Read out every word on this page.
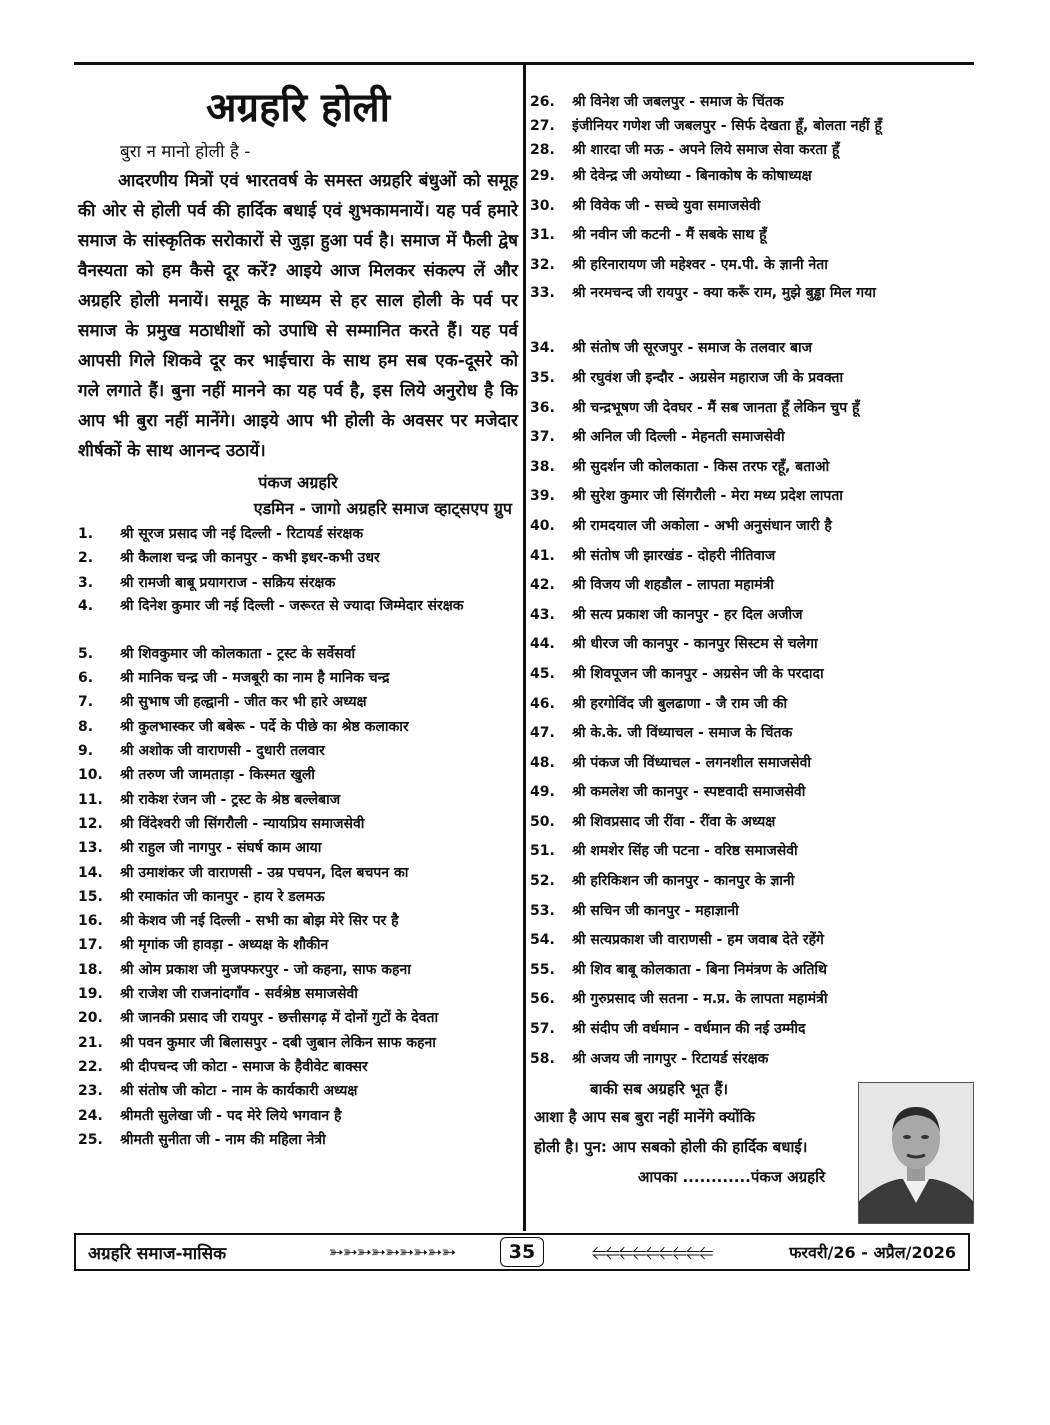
अग्रहरि होली
बुरा न मानो होली है -

आदरणीय मित्रों एवं भारतवर्ष के समस्त अग्रहरि बंधुओं को समूह की ओर से होली पर्व की हार्दिक बधाई एवं शुभकामनायें। यह पर्व हमारे समाज के सांस्कृतिक सरोकारों से जुड़ा हुआ पर्व है। समाज में फैली द्वेष वैनस्यता को हम कैसे दूर करें? आइये आज मिलकर संकल्प लें और अग्रहरि होली मनायें। समूह के माध्यम से हर साल होली के पर्व पर समाज के प्रमुख मठाधीशों को उपाधि से सम्मानित करते हैं। यह पर्व आपसी गिले शिकवे दूर कर भाईचारा के साथ हम सब एक-दूसरे को गले लगाते हैं। बुना नहीं मानने का यह पर्व है, इस लिये अनुरोध है कि आप भी बुरा नहीं मानेंगे। आइये आप भी होली के अवसर पर मजेदार शीर्षकों के साथ आनन्द उठायें।

पंकज अग्रहरि
एडमिन - जागो अग्रहरि समाज व्हाट्सएप ग्रुप
1.	श्री सूरज प्रसाद जी नई दिल्ली - रिटायर्ड संरक्षक
2.	श्री कैलाश चन्द्र जी कानपुर - कभी इधर-कभी उधर
3.	श्री रामजी बाबू प्रयागराज - सक्रिय संरक्षक
4.	श्री दिनेश कुमार जी नई दिल्ली - जरूरत से ज्यादा जिम्मेदार संरक्षक
5.	श्री शिवकुमार जी कोलकाता - ट्रस्ट के सर्वेसर्वा
6.	श्री मानिक चन्द्र जी - मजबूरी का नाम है मानिक चन्द्र
7.	श्री सुभाष जी हल्द्वानी - जीत कर भी हारे अध्यक्ष
8.	श्री कुलभास्कर जी बबेरू - पर्दे के पीछे का श्रेष्ठ कलाकार
9.	श्री अशोक जी वाराणसी - दुधारी तलवार
10.	श्री तरुण जी जामताड़ा - किस्मत खुली
11.	श्री राकेश रंजन जी - ट्रस्ट के श्रेष्ठ बल्लेबाज
12.	श्री विंदेश्वरी जी सिंगरौली - न्यायप्रिय समाजसेवी
13.	श्री राहुल जी नागपुर - संघर्ष काम आया
14.	श्री उमाशंकर जी वाराणसी - उम्र पचपन, दिल बचपन का
15.	श्री रमाकांत जी कानपुर - हाय रे डलमऊ
16.	श्री केशव जी नई दिल्ली - सभी का बोझ मेरे सिर पर है
17.	श्री मृगांक जी हावड़ा - अध्यक्ष के शौकीन
18.	श्री ओम प्रकाश जी मुजफ्फरपुर - जो कहना, साफ कहना
19.	श्री राजेश जी राजनांदगाँव - सर्वश्रेष्ठ समाजसेवी
20.	श्री जानकी प्रसाद जी रायपुर - छत्तीसगढ़ में दोनों गुटों के देवता
21.	श्री पवन कुमार जी बिलासपुर - दबी जुबान लेकिन साफ कहना
22.	श्री दीपचन्द जी कोटा - समाज के हैवीवेट बाक्सर
23.	श्री संतोष जी कोटा - नाम के कार्यकारी अध्यक्ष
24.	श्रीमती सुलेखा जी - पद मेरे लिये भगवान है
25.	श्रीमती सुनीता जी - नाम की महिला नेत्री
26.	श्री विनेश जी जबलपुर - समाज के चिंतक
27.	इंजीनियर गणेश जी जबलपुर - सिर्फ देखता हूँ, बोलता नहीं हूँ
28.	श्री शारदा जी मऊ - अपने लिये समाज सेवा करता हूँ
29.	श्री देवेन्द्र जी अयोध्या - बिनाकोष के कोषाध्यक्ष
30.	श्री विवेक जी - सच्चे युवा समाजसेवी
31.	श्री नवीन जी कटनी - मैं सबके साथ हूँ
32.	श्री हरिनारायण जी महेश्वर - एम.पी. के ज्ञानी नेता
33.	श्री नरमचन्द जी रायपुर - क्या करूँ राम, मुझे बुड्ढा मिल गया
34.	श्री संतोष जी सूरजपुर - समाज के तलवार बाज
35.	श्री रघुवंश जी इन्दौर - अग्रसेन महाराज जी के प्रवक्ता
36.	श्री चन्द्रभूषण जी देवघर - मैं सब जानता हूँ लेकिन चुप हूँ
37.	श्री अनिल जी दिल्ली - मेहनती समाजसेवी
38.	श्री सुदर्शन जी कोलकाता - किस तरफ रहूँ, बताओ
39.	श्री सुरेश कुमार जी सिंगरौली - मेरा मध्य प्रदेश लापता
40.	श्री रामदयाल जी अकोला - अभी अनुसंधान जारी है
41.	श्री संतोष जी झारखंड - दोहरी नीतिवाज
42.	श्री विजय जी शहडौल - लापता महामंत्री
43.	श्री सत्य प्रकाश जी कानपुर - हर दिल अजीज
44.	श्री धीरज जी कानपुर - कानपुर सिस्टम से चलेगा
45.	श्री शिवपूजन जी कानपुर - अग्रसेन जी के परदादा
46.	श्री हरगोविंद जी बुलढाणा - जै राम जी की
47.	श्री के.के. जी विंध्याचल - समाज के चिंतक
48.	श्री पंकज जी विंध्याचल - लगनशील समाजसेवी
49.	श्री कमलेश जी कानपुर - स्पष्टवादी समाजसेवी
50.	श्री शिवप्रसाद जी रींवा - रींवा के अध्यक्ष
51.	श्री शमशेर सिंह जी पटना - वरिष्ठ समाजसेवी
52.	श्री हरिकिशन जी कानपुर - कानपुर के ज्ञानी
53.	श्री सचिन जी कानपुर - महाज्ञानी
54.	श्री सत्यप्रकाश जी वाराणसी - हम जवाब देते रहेंगे
55.	श्री शिव बाबू कोलकाता - बिना निमंत्रण के अतिथि
56.	श्री गुरुप्रसाद जी सतना - म.प्र. के लापता महामंत्री
57.	श्री संदीप जी वर्धमान - वर्धमान की नई उम्मीद
58.	श्री अजय जी नागपुर - रिटायर्ड संरक्षक
बाकी सब अग्रहरि भूत हैं।
आशा है आप सब बुरा नहीं मानेंगे क्योंकि
होली है। पुन: आप सबको होली की हार्दिक बधाई।
आपका ............पंकज अग्रहरि
अग्रहरि समाज-मासिक	➳➳➳➳➳➳➳➳➳	35	⥢⥢⥢⥢⥢⥢⥢⥢⥢	फरवरी/26 - अप्रैल/2026
